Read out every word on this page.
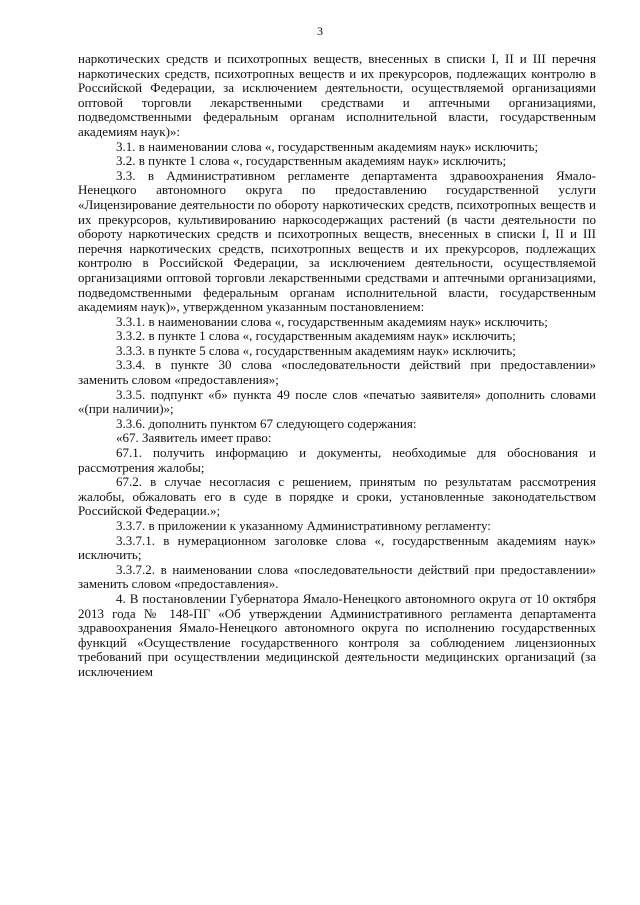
3

наркотических средств и психотропных веществ, внесенных в списки I, II и III перечня наркотических средств, психотропных веществ и их прекурсоров, подлежащих контролю в Российской Федерации, за исключением деятельности, осуществляемой организациями оптовой торговли лекарственными средствами и аптечными организациями, подведомственными федеральным органам исполнительной власти, государственным академиям наук)»:

3.1. в наименовании слова «, государственным академиям наук» исключить;

3.2. в пункте 1 слова «, государственным академиям наук» исключить;

3.3. в Административном регламенте департамента здравоохранения Ямало-Ненецкого автономного округа по предоставлению государственной услуги «Лицензирование деятельности по обороту наркотических средств, психотропных веществ и их прекурсоров, культивированию наркосодержащих растений (в части деятельности по обороту наркотических средств и психотропных веществ, внесенных в списки I, II и III перечня наркотических средств, психотропных веществ и их прекурсоров, подлежащих контролю в Российской Федерации, за исключением деятельности, осуществляемой организациями оптовой торговли лекарственными средствами и аптечными организациями, подведомственными федеральным органам исполнительной власти, государственным академиям наук)», утвержденном указанным постановлением:

3.3.1. в наименовании слова «, государственным академиям наук» исключить;

3.3.2. в пункте 1 слова «, государственным академиям наук» исключить;

3.3.3. в пункте 5 слова «, государственным академиям наук» исключить;

3.3.4. в пункте 30 слова «последовательности действий при предоставлении» заменить словом «предоставления»;

3.3.5. подпункт «б» пункта 49 после слов «печатью заявителя» дополнить словами «(при наличии)»;

3.3.6. дополнить пунктом 67 следующего содержания:

«67. Заявитель имеет право:

67.1. получить информацию и документы, необходимые для обоснования и рассмотрения жалобы;

67.2. в случае несогласия с решением, принятым по результатам рассмотрения жалобы, обжаловать его в суде в порядке и сроки, установленные законодательством Российской Федерации.»;

3.3.7. в приложении к указанному Административному регламенту:

3.3.7.1. в нумерационном заголовке слова «, государственным академиям наук» исключить;

3.3.7.2. в наименовании слова «последовательности действий при предоставлении» заменить словом «предоставления».

4. В постановлении Губернатора Ямало-Ненецкого автономного округа от 10 октября 2013 года № 148-ПГ «Об утверждении Административного регламента департамента здравоохранения Ямало-Ненецкого автономного округа по исполнению государственных функций «Осуществление государственного контроля за соблюдением лицензионных требований при осуществлении медицинской деятельности медицинских организаций (за исключением
